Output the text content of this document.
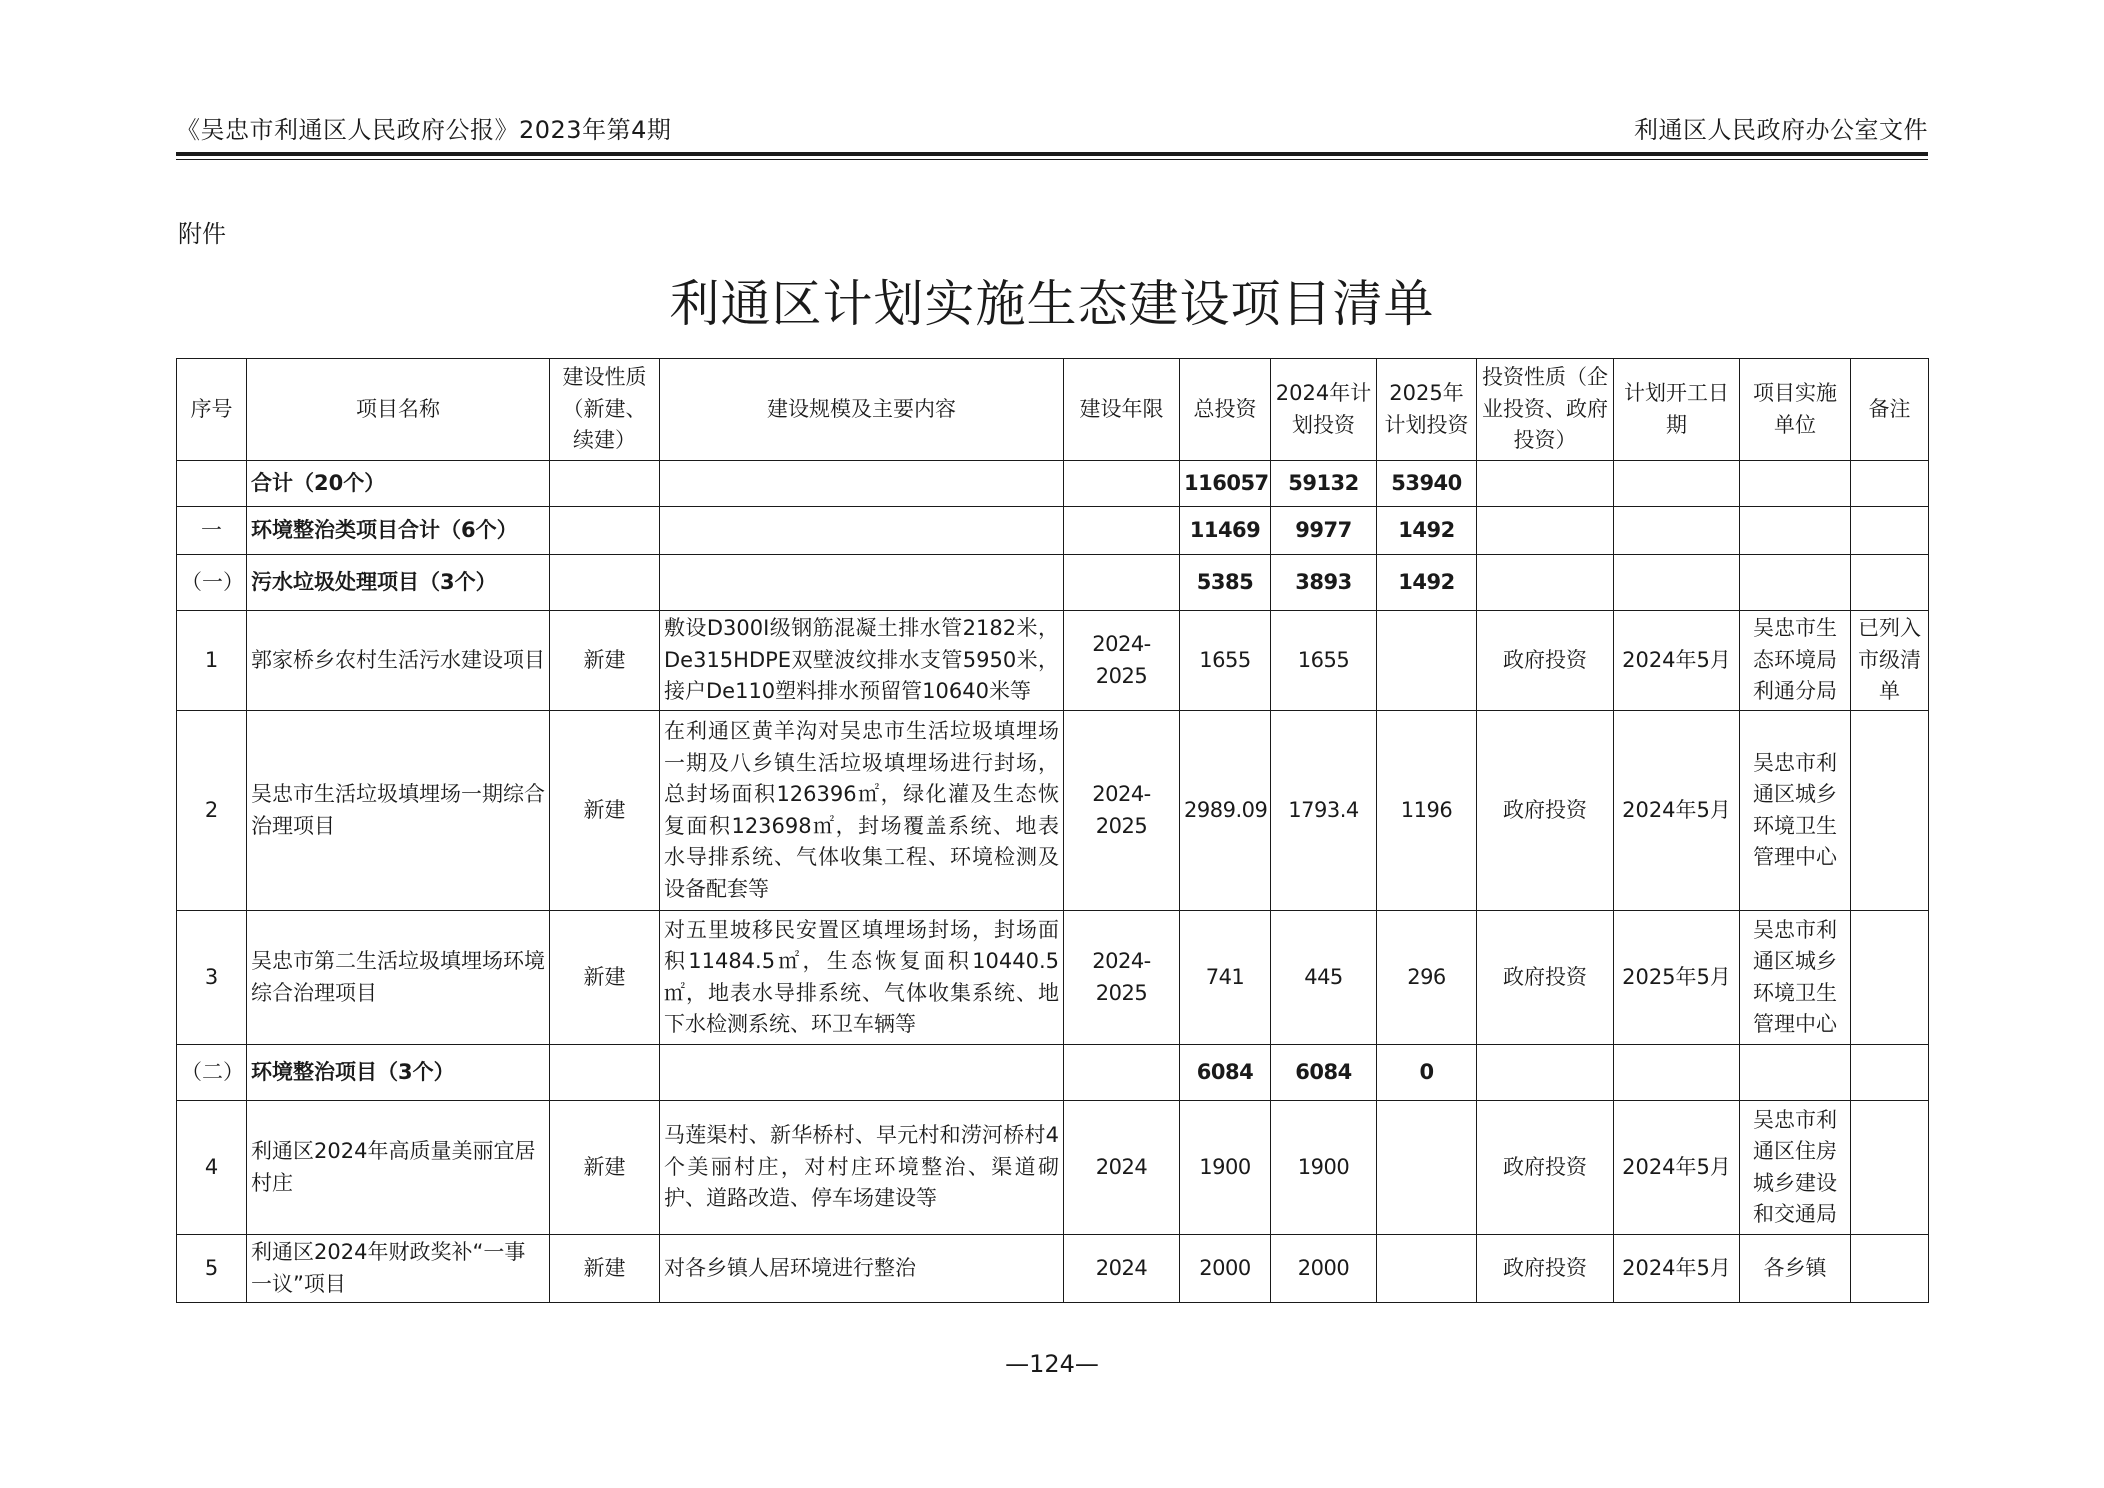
《吴忠市利通区人民政府公报》2023年第4期	利通区人民政府办公室文件
附件
利通区计划实施生态建设项目清单
序号	项目名称	建设性质（新建、续建）	建设规模及主要内容	建设年限	总投资	2024年计划投资	2025年计划投资	投资性质（企业投资、政府投资）	计划开工日期	项目实施单位	备注
	合计（20个）				116057	59132	53940				
一	环境整治类项目合计（6个）				11469	9977	1492				
（一）	污水垃圾处理项目（3个）				5385	3893	1492				
1	郭家桥乡农村生活污水建设项目	新建	敷设D300I级钢筋混凝土排水管2182米，De315HDPE双壁波纹排水支管5950米，接户De110塑料排水预留管10640米等	2024-2025	1655	1655		政府投资	2024年5月	吴忠市生态环境局利通分局	已列入市级清单
2	吴忠市生活垃圾填埋场一期综合治理项目	新建	在利通区黄羊沟对吴忠市生活垃圾填埋场一期及八乡镇生活垃圾填埋场进行封场，总封场面积126396㎡，绿化灌及生态恢复面积123698㎡，封场覆盖系统、地表水导排系统、气体收集工程、环境检测及设备配套等	2024-2025	2989.09	1793.4	1196	政府投资	2024年5月	吴忠市利通区城乡环境卫生管理中心	
3	吴忠市第二生活垃圾填埋场环境综合治理项目	新建	对五里坡移民安置区填埋场封场，封场面积11484.5㎡，生态恢复面积10440.5㎡，地表水导排系统、气体收集系统、地下水检测系统、环卫车辆等	2024-2025	741	445	296	政府投资	2025年5月	吴忠市利通区城乡环境卫生管理中心	
（二）	环境整治项目（3个）				6084	6084	0				
4	利通区2024年高质量美丽宜居村庄	新建	马莲渠村、新华桥村、早元村和涝河桥村4个美丽村庄，对村庄环境整治、渠道砌护、道路改造、停车场建设等	2024	1900	1900		政府投资	2024年5月	吴忠市利通区住房城乡建设和交通局	
5	利通区2024年财政奖补“一事一议”项目	新建	对各乡镇人居环境进行整治	2024	2000	2000		政府投资	2024年5月	各乡镇	
—124—
